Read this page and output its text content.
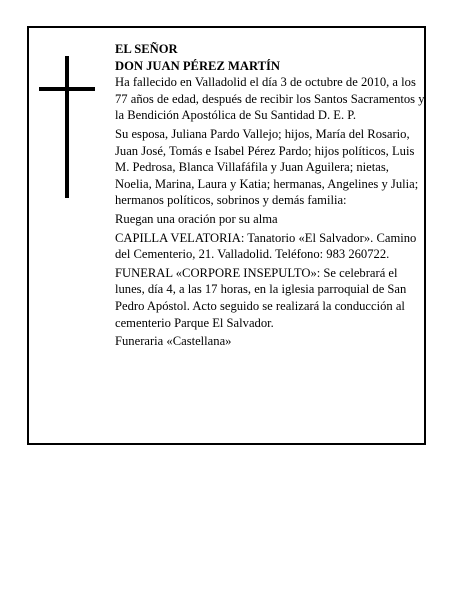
EL SEÑOR

DON JUAN PÉREZ MARTÍN

Ha fallecido en Valladolid el día 3 de octubre de 2010, a los 77 años de edad, después de recibir los Santos Sacramentos y la Bendición Apostólica de Su Santidad D. E. P.

Su esposa, Juliana Pardo Vallejo; hijos, María del Rosario, Juan José, Tomás e Isabel Pérez Pardo; hijos políticos, Luis M. Pedrosa, Blanca Villafáfila y Juan Aguilera; nietas, Noelia, Marina, Laura y Katia; hermanas, Angelines y Julia; hermanos políticos, sobrinos y demás familia:

Ruegan una oración por su alma

CAPILLA VELATORIA: Tanatorio «El Salvador». Camino del Cementerio, 21. Valladolid. Teléfono: 983 260722.

FUNERAL «CORPORE INSEPULTO»: Se celebrará el lunes, día 4, a las 17 horas, en la iglesia parroquial de San Pedro Apóstol. Acto seguido se realizará la conducción al cementerio Parque El Salvador.

Funeraria «Castellana»
